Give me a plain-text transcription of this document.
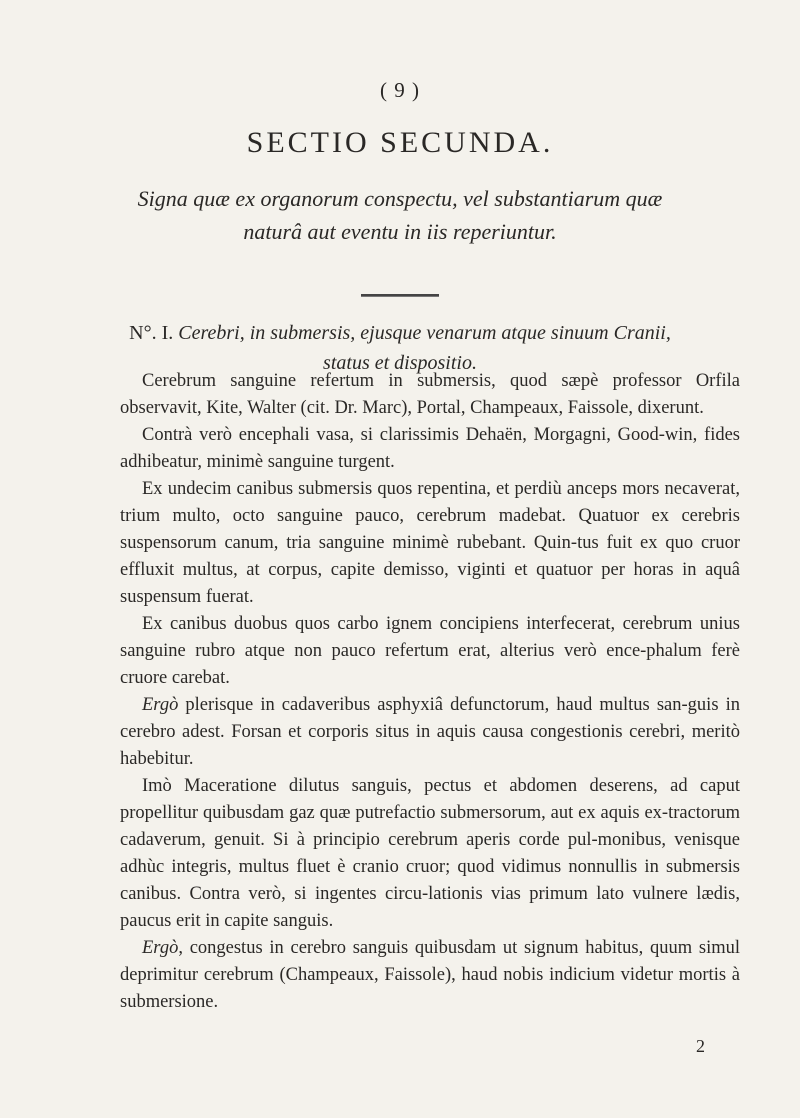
( 9 )
SECTIO SECUNDA.
Signa quæ ex organorum conspectu, vel substantiarum quæ
naturâ aut eventu in iis reperiuntur.
N°. I. Cerebri, in submersis, ejusque venarum atque sinuum Cranii,
status et dispositio.

Cerebrum sanguine refertum in submersis, quod sæpè professor Orfila observavit, Kite, Walter (cit. Dr. Marc), Portal, Champeaux, Faissole, dixerunt.

Contrà verò encephali vasa, si clarissimis Dehaën, Morgagni, Good-win, fides adhibeatur, minimè sanguine turgent.

Ex undecim canibus submersis quos repentina, et perdiù anceps mors necaverat, trium multo, octo sanguine pauco, cerebrum madebat. Quatuor ex cerebris suspensorum canum, tria sanguine minimè rubebant. Quin-tus fuit ex quo cruor effluxit multus, at corpus, capite demisso, viginti et quatuor per horas in aquâ suspensum fuerat.

Ex canibus duobus quos carbo ignem concipiens interfecerat, cerebrum unius sanguine rubro atque non pauco refertum erat, alterius verò ence-phalum ferè cruore carebat.

Ergò plerisque in cadaveribus asphyxiâ defunctorum, haud multus san-guis in cerebro adest. Forsan et corporis situs in aquis causa congestionis cerebri, meritò habebitur.

Imò Maceratione dilutus sanguis, pectus et abdomen deserens, ad caput propellitur quibusdam gaz quæ putrefactio submersorum, aut ex aquis ex-tractorum cadaverum, genuit. Si à principio cerebrum aperis corde pul-monibus, venisque adhùc integris, multus fluet è cranio cruor; quod vidimus nonnullis in submersis canibus. Contra verò, si ingentes circu-lationis vias primum lato vulnere lædis, paucus erit in capite sanguis.

Ergò, congestus in cerebro sanguis quibusdam ut signum habitus, quum simul deprimitur cerebrum (Champeaux, Faissole), haud nobis indicium videtur mortis à submersione.

2
